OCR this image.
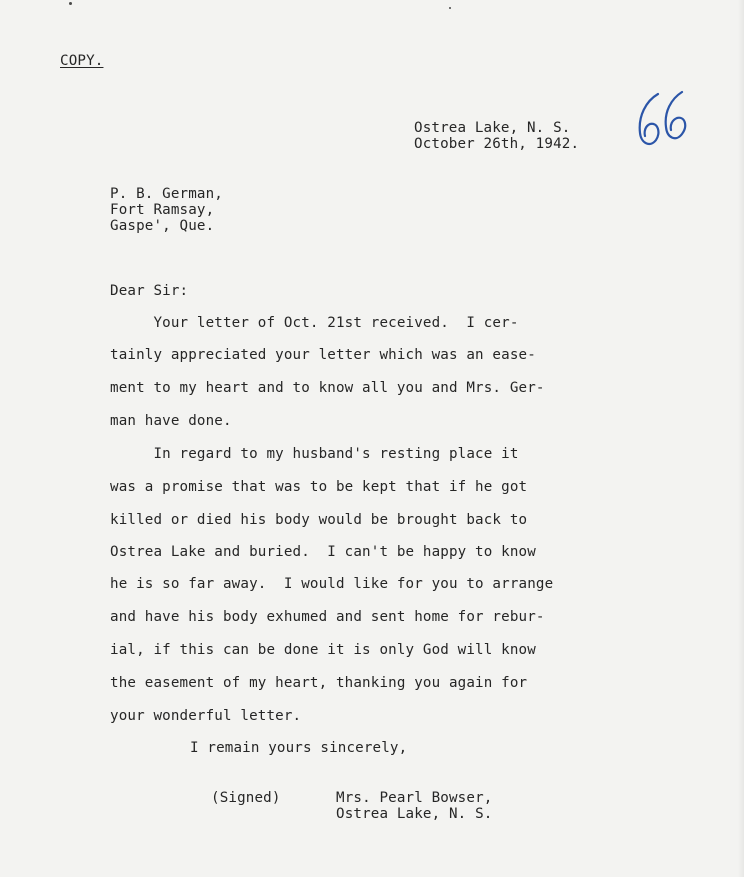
COPY.

Ostrea Lake, N. S.

October 26th, 1942.

P. B. German,

Fort Ramsay,

Gaspe', Que.

Dear Sir:

Your letter of Oct. 21st received.  I cer-

tainly appreciated your letter which was an ease-

ment to my heart and to know all you and Mrs. Ger-

man have done.

In regard to my husband's resting place it

was a promise that was to be kept that if he got

killed or died his body would be brought back to

Ostrea Lake and buried.  I can't be happy to know

he is so far away.  I would like for you to arrange

and have his body exhumed and sent home for rebur-

ial, if this can be done it is only God will know

the easement of my heart, thanking you again for

your wonderful letter.

I remain yours sincerely,

(Signed)	Mrs. Pearl Bowser,

Ostrea Lake, N. S.
